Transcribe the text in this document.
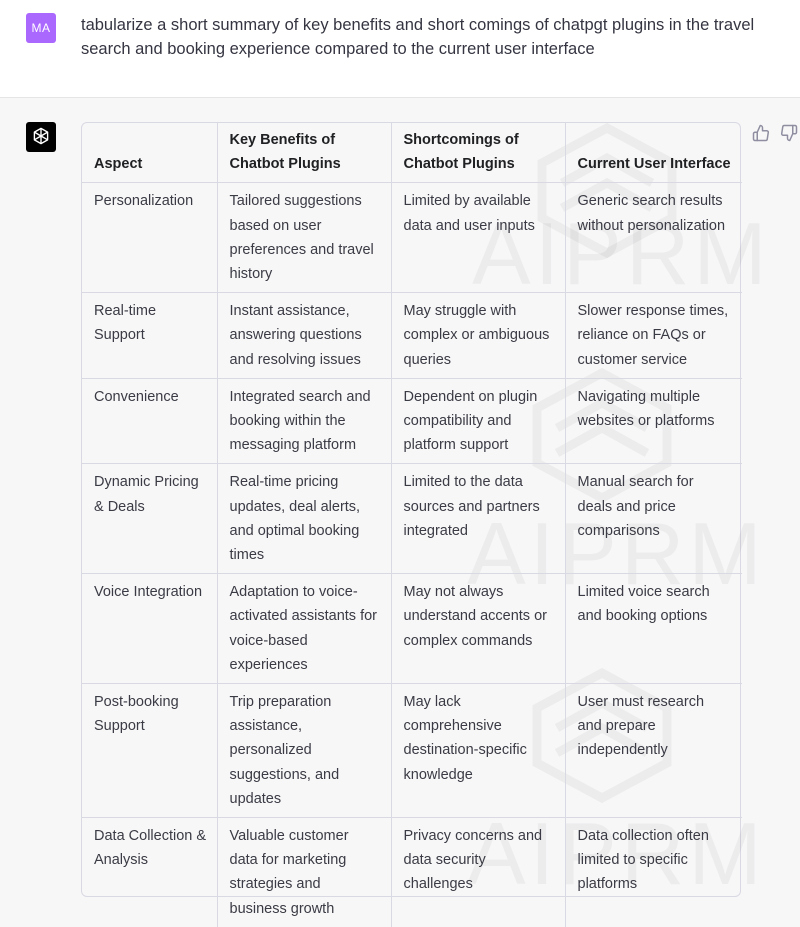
MA	tabularize a short summary of key benefits and short comings of chatpgt plugins in the travel search and booking experience compared to the current user interface
Aspect	Key Benefits of Chatbot Plugins	Shortcomings of Chatbot Plugins	Current User Interface
Personalization	Tailored suggestions based on user preferences and travel history	Limited by available data and user inputs	Generic search results without personalization
Real-time Support	Instant assistance, answering questions and resolving issues	May struggle with complex or ambiguous queries	Slower response times, reliance on FAQs or customer service
Convenience	Integrated search and booking within the messaging platform	Dependent on plugin compatibility and platform support	Navigating multiple websites or platforms
Dynamic Pricing & Deals	Real-time pricing updates, deal alerts, and optimal booking times	Limited to the data sources and partners integrated	Manual search for deals and price comparisons
Voice Integration	Adaptation to voice-activated assistants for voice-based experiences	May not always understand accents or complex commands	Limited voice search and booking options
Post-booking Support	Trip preparation assistance, personalized suggestions, and updates	May lack comprehensive destination-specific knowledge	User must research and prepare independently
Data Collection & Analysis	Valuable customer data for marketing strategies and business growth	Privacy concerns and data security challenges	Data collection often limited to specific platforms
